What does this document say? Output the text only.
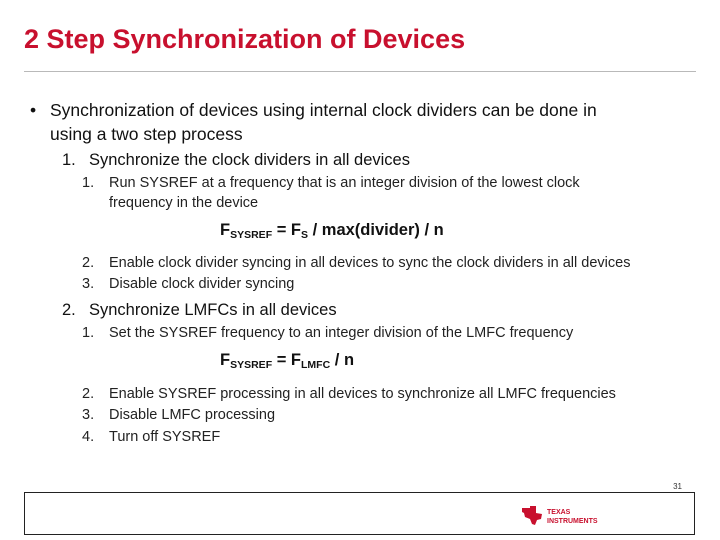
2 Step Synchronization of Devices
• Synchronization of devices using internal clock dividers can be done in
using a two step process
1. Synchronize the clock dividers in all devices
1. Run SYSREF at a frequency that is an integer division of the lowest clock
frequency in the device
$F_{SYSREF} = F_S$ / max(divider) / n
2. Enable clock divider syncing in all devices to sync the clock dividers in all devices
3. Disable clock divider syncing
2. Synchronize LMFCs in all devices
1. Set the SYSREF frequency to an integer division of the LMFC frequency
$F_{SYSREF} = F_{LMFC} / n$
2. Enable SYSREF processing in all devices to synchronize all LMFC frequencies
3. Disable LMFC processing
4. Turn off SYSREF
31
TEXAS
INSTRUMENTS
